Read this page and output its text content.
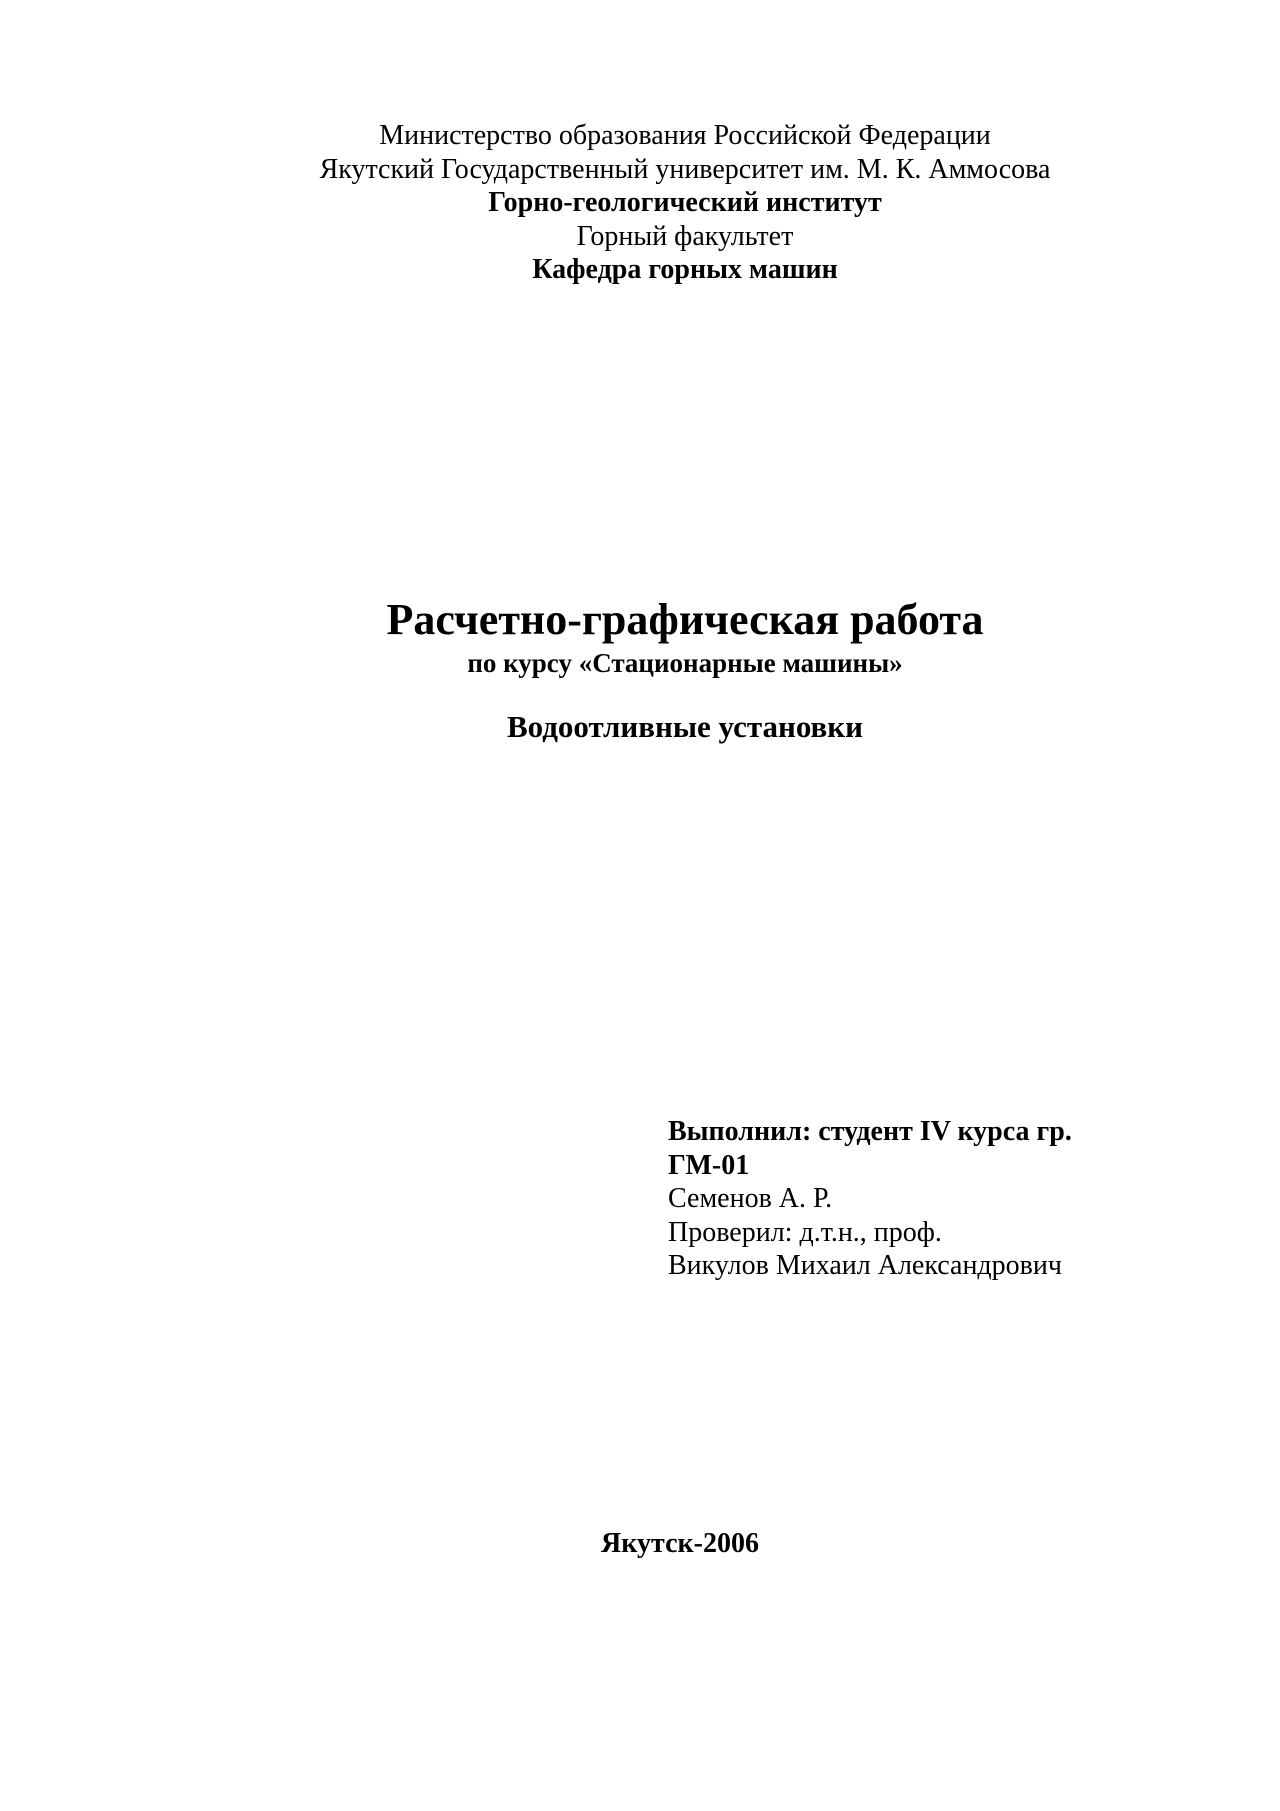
Министерство образования Российской Федерации
Якутский Государственный университет им. М. К. Аммосова
Горно-геологический институт
Горный факультет
Кафедра горных машин
Расчетно-графическая работа
по курсу «Стационарные машины»
Водоотливные установки
Выполнил: студент IV курса гр.
ГМ-01
Семенов А. Р.
Проверил: д.т.н., проф.
Викулов Михаил Александрович
Якутск-2006
